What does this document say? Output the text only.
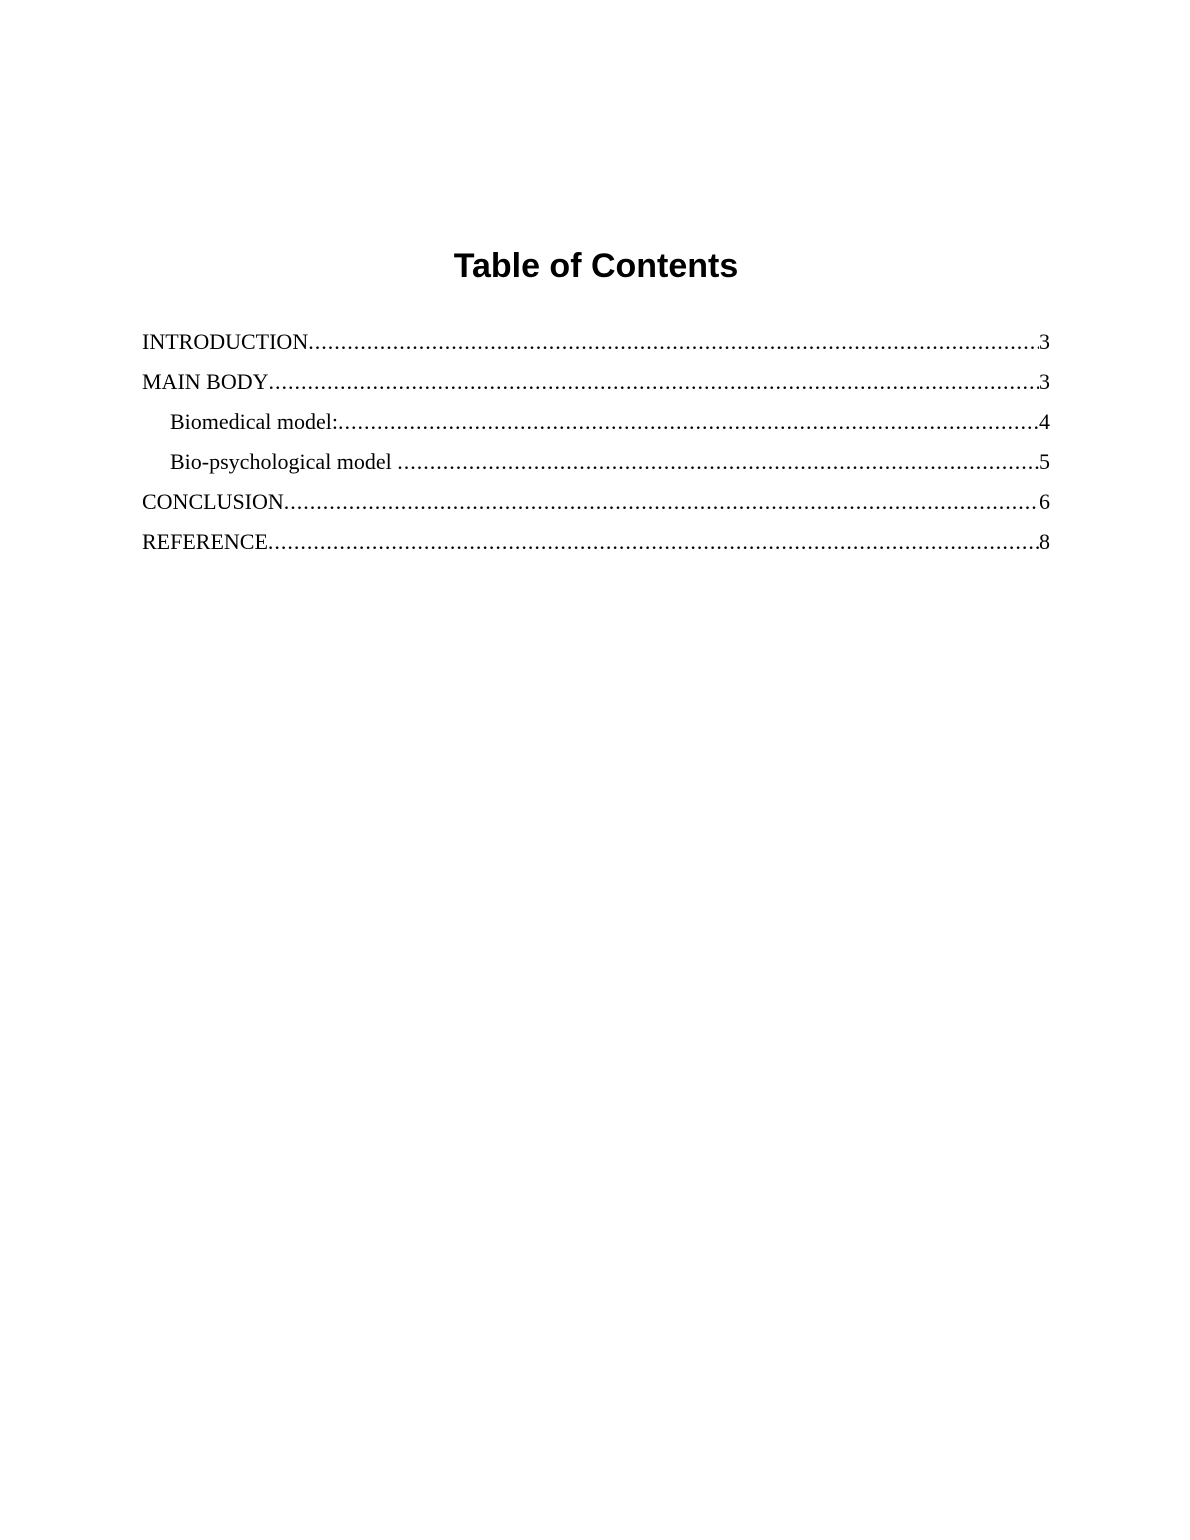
Table of Contents
INTRODUCTION .....	3
MAIN BODY .....	3
Biomedical model: .....	4
Bio-psychological model .....	5
CONCLUSION .....	6
REFERENCE .....	8
